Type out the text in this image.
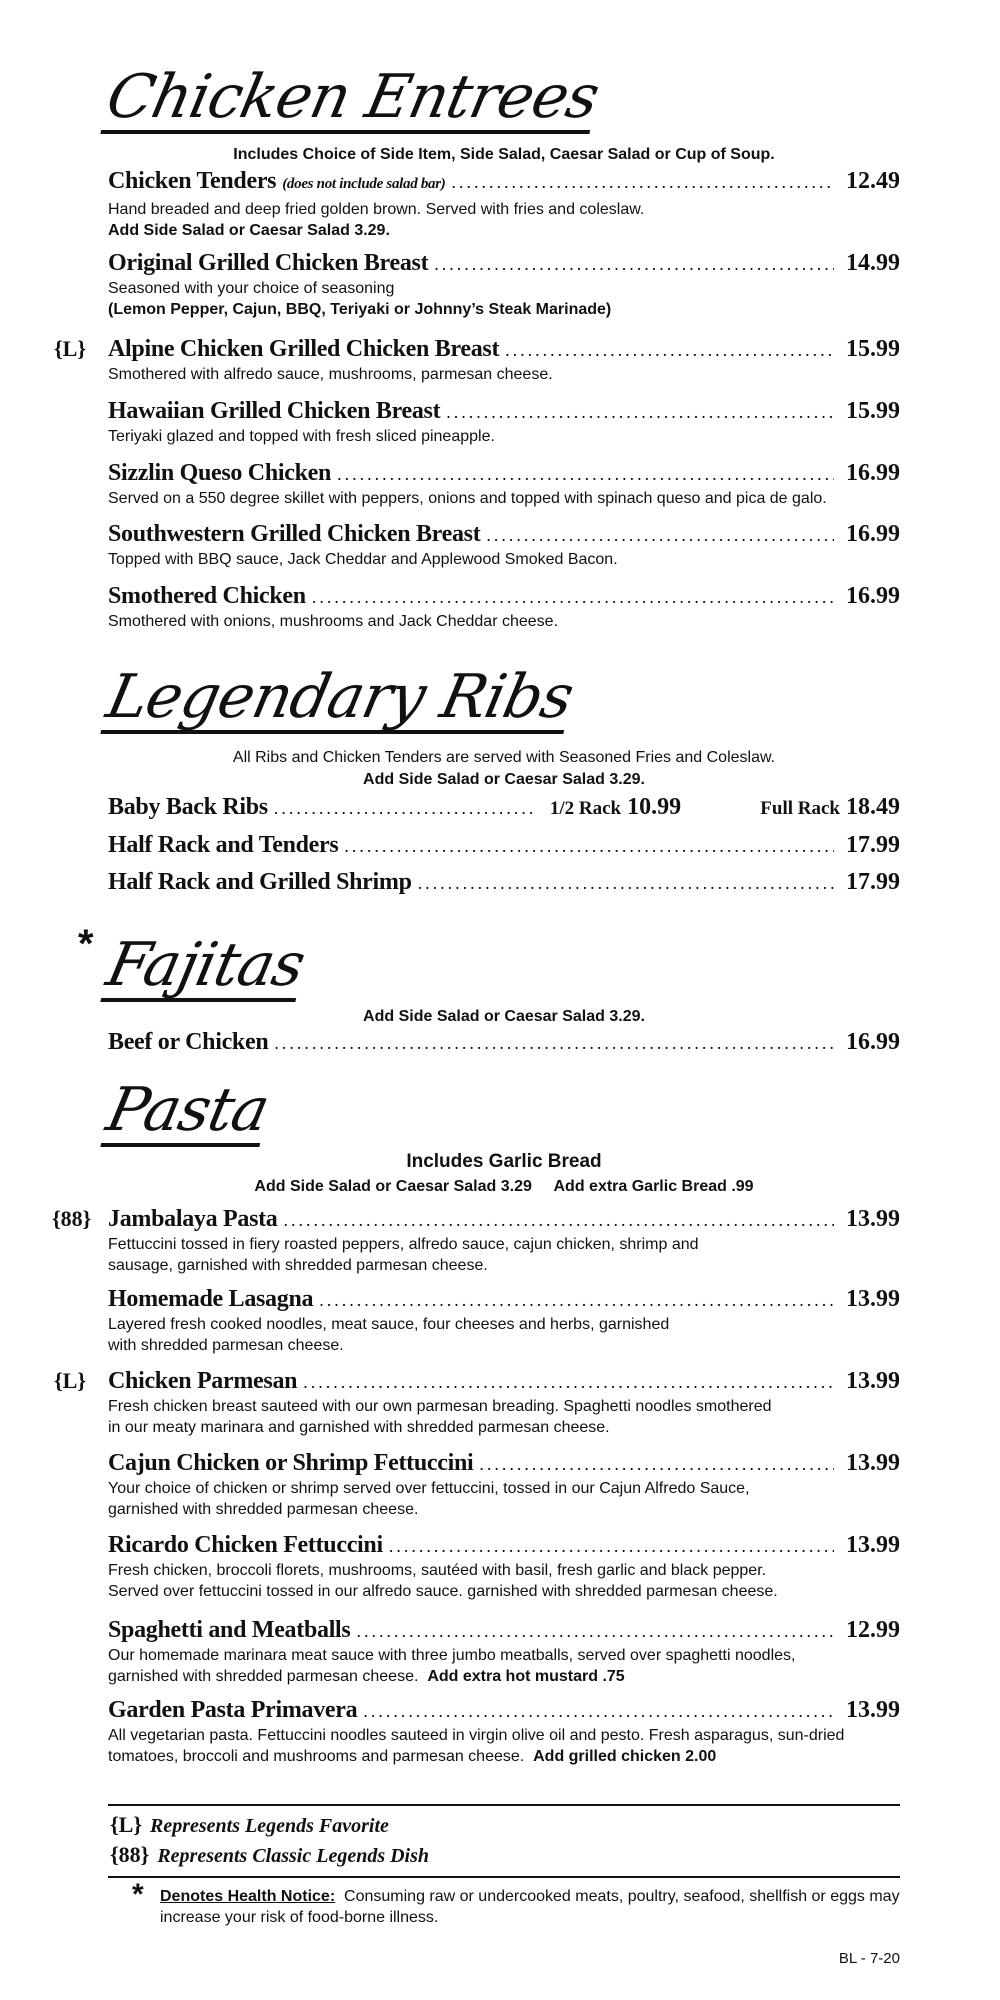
Chicken Entrees
Includes Choice of Side Item, Side Salad, Caesar Salad or Cup of Soup.
Chicken Tenders (does not include salad bar) .....	12.49
Hand breaded and deep fried golden brown. Served with fries and coleslaw.
Add Side Salad or Caesar Salad 3.29.
Original Grilled Chicken Breast .....	14.99
Seasoned with your choice of seasoning
(Lemon Pepper, Cajun, BBQ, Teriyaki or Johnny’s Steak Marinade)
{L} Alpine Chicken Grilled Chicken Breast .....	15.99
Smothered with alfredo sauce, mushrooms, parmesan cheese.
Hawaiian Grilled Chicken Breast .....	15.99
Teriyaki glazed and topped with fresh sliced pineapple.
Sizzlin Queso Chicken .....	16.99
Served on a 550 degree skillet with peppers, onions and topped with spinach queso and pica de galo.
Southwestern Grilled Chicken Breast .....	16.99
Topped with BBQ sauce, Jack Cheddar and Applewood Smoked Bacon.
Smothered Chicken .....	16.99
Smothered with onions, mushrooms and Jack Cheddar cheese.
Legendary Ribs
All Ribs and Chicken Tenders are served with Seasoned Fries and Coleslaw.
Add Side Salad or Caesar Salad 3.29.
Baby Back Ribs .....	1/2 Rack 10.99	Full Rack 18.49
Half Rack and Tenders .....	17.99
Half Rack and Grilled Shrimp .....	17.99
* Fajitas
Add Side Salad or Caesar Salad 3.29.
Beef or Chicken .....	16.99
Pasta
Includes Garlic Bread
Add Side Salad or Caesar Salad 3.29     Add extra Garlic Bread .99
{88} Jambalaya Pasta .....	13.99
Fettuccini tossed in fiery roasted peppers, alfredo sauce, cajun chicken, shrimp and
sausage, garnished with shredded parmesan cheese.
Homemade Lasagna .....	13.99
Layered fresh cooked noodles, meat sauce, four cheeses and herbs, garnished
with shredded parmesan cheese.
{L} Chicken Parmesan .....	13.99
Fresh chicken breast sauteed with our own parmesan breading. Spaghetti noodles smothered
in our meaty marinara and garnished with shredded parmesan cheese.
Cajun Chicken or Shrimp Fettuccini .....	13.99
Your choice of chicken or shrimp served over fettuccini, tossed in our Cajun Alfredo Sauce,
garnished with shredded parmesan cheese.
Ricardo Chicken Fettuccini .....	13.99
Fresh chicken, broccoli florets, mushrooms, sautéed with basil, fresh garlic and black pepper.
Served over fettuccini tossed in our alfredo sauce. garnished with shredded parmesan cheese.
Spaghetti and Meatballs .....	12.99
Our homemade marinara meat sauce with three jumbo meatballs, served over spaghetti noodles,
garnished with shredded parmesan cheese. Add extra hot mustard .75
Garden Pasta Primavera .....	13.99
All vegetarian pasta. Fettuccini noodles sauteed in virgin olive oil and pesto. Fresh asparagus, sun-dried
tomatoes, broccoli and mushrooms and parmesan cheese. Add grilled chicken 2.00
{L} Represents Legends Favorite
{88} Represents Classic Legends Dish
* Denotes Health Notice: Consuming raw or undercooked meats, poultry, seafood, shellfish or eggs may increase your risk of food-borne illness.
BL - 7-20
